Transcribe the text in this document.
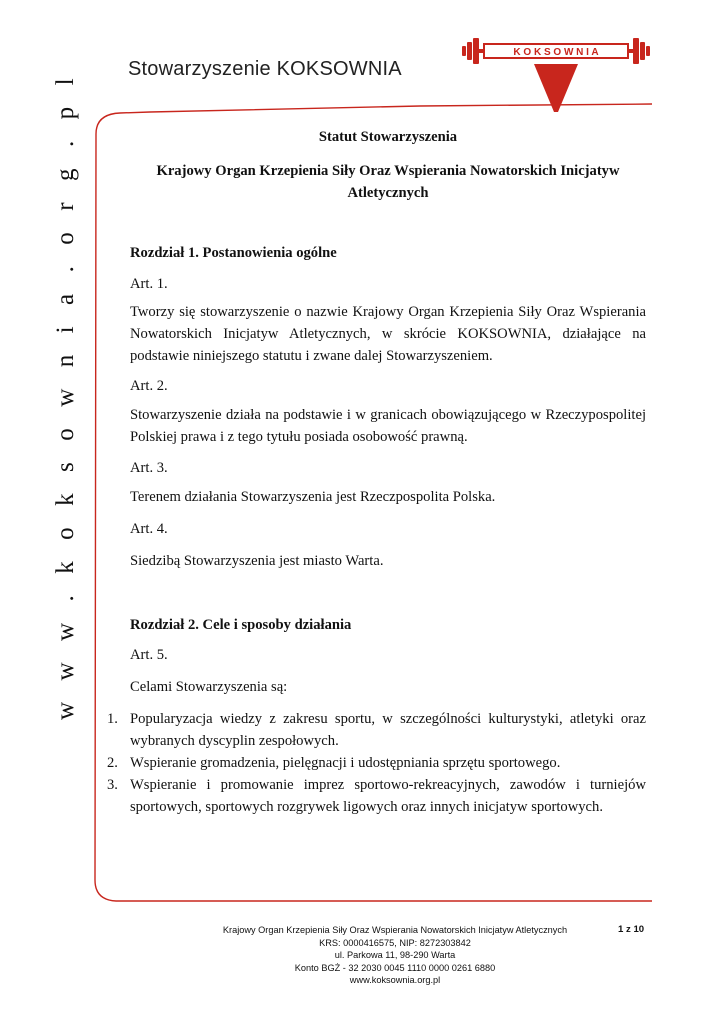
Stowarzyszenie KOKSOWNIA
K O K S O W N I A
w w w . k o k s o w n i a . o r g . p l	Statut Stowarzyszenia
Krajowy Organ Krzepienia Siły Oraz Wspierania Nowatorskich Inicjatyw Atletycznych
Rozdział 1. Postanowienia ogólne
Art. 1.
Tworzy się stowarzyszenie o nazwie Krajowy Organ Krzepienia Siły Oraz Wspierania Nowatorskich Inicjatyw Atletycznych, w skrócie KOKSOWNIA, działające na podstawie niniejszego statutu i zwane dalej Stowarzyszeniem.
Art. 2.
Stowarzyszenie działa na podstawie i w granicach obowiązującego w Rzeczypospolitej Polskiej prawa i z tego tytułu posiada osobowość prawną.
Art. 3.
Terenem działania Stowarzyszenia jest Rzeczpospolita Polska.
Art. 4.
Siedzibą Stowarzyszenia jest miasto Warta.
Rozdział 2. Cele i sposoby działania
Art. 5.
Celami Stowarzyszenia są:
1. Popularyzacja wiedzy z zakresu sportu, w szczególności kulturystyki, atletyki oraz wybranych dyscyplin zespołowych.
2. Wspieranie gromadzenia, pielęgnacji i udostępniania sprzętu sportowego.
3. Wspieranie i promowanie imprez sportowo-rekreacyjnych, zawodów i turniejów sportowych, sportowych rozgrywek ligowych oraz innych inicjatyw sportowych.
Krajowy Organ Krzepienia Siły Oraz Wspierania Nowatorskich Inicjatyw Atletycznych
KRS: 0000416575, NIP: 8272303842
ul. Parkowa 11, 98-290 Warta
Konto BGŻ - 32 2030 0045 1110 0000 0261 6880
www.koksownia.org.pl
1 z 10
